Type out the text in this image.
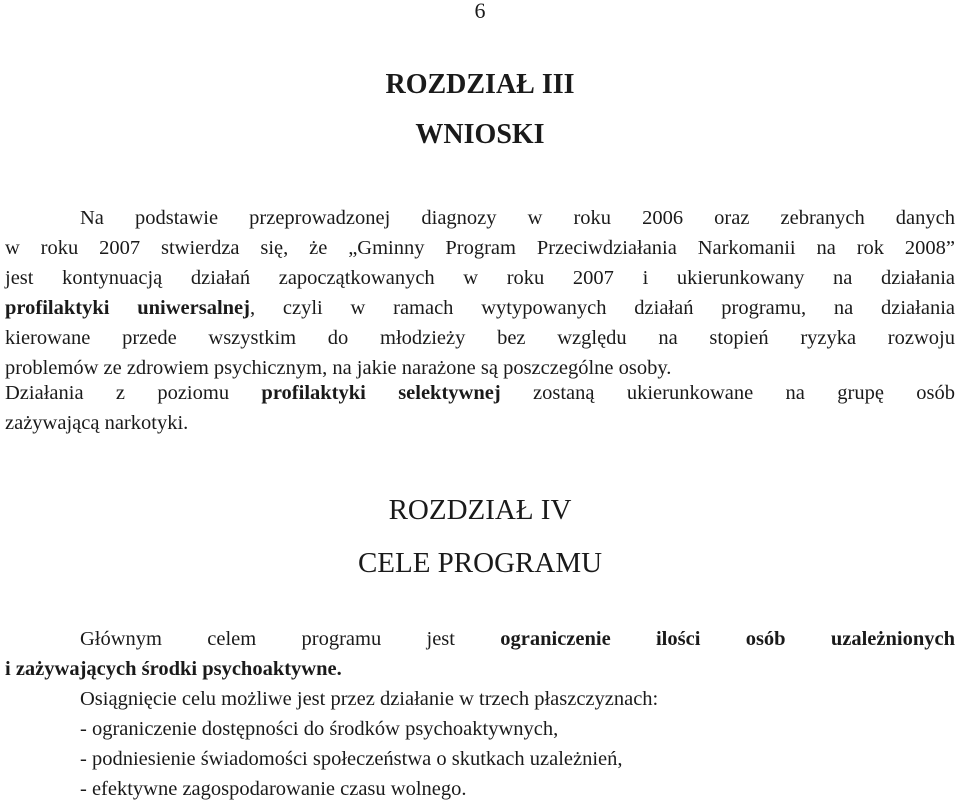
6
ROZDZIAŁ III
WNIOSKI
Na podstawie przeprowadzonej diagnozy w roku 2006 oraz zebranych danych
w roku 2007 stwierdza się, że „Gminny Program Przeciwdziałania Narkomanii na rok 2008”
jest kontynuacją działań zapoczątkowanych w roku 2007 i ukierunkowany na działania
profilaktyki uniwersalnej, czyli w ramach wytypowanych działań programu, na działania
kierowane przede wszystkim do młodzieży bez względu na stopień ryzyka rozwoju
problemów ze zdrowiem psychicznym, na jakie narażone są poszczególne osoby.
Działania z poziomu profilaktyki selektywnej zostaną ukierunkowane na grupę osób
zażywającą narkotyki.
ROZDZIAŁ IV
CELE PROGRAMU
Głównym celem programu jest ograniczenie ilości osób uzależnionych
i zażywających środki psychoaktywne.
Osiągnięcie celu możliwe jest przez działanie w trzech płaszczyznach:
- ograniczenie dostępności do środków psychoaktywnych,
- podniesienie świadomości społeczeństwa o skutkach uzależnień,
- efektywne zagospodarowanie czasu wolnego.
